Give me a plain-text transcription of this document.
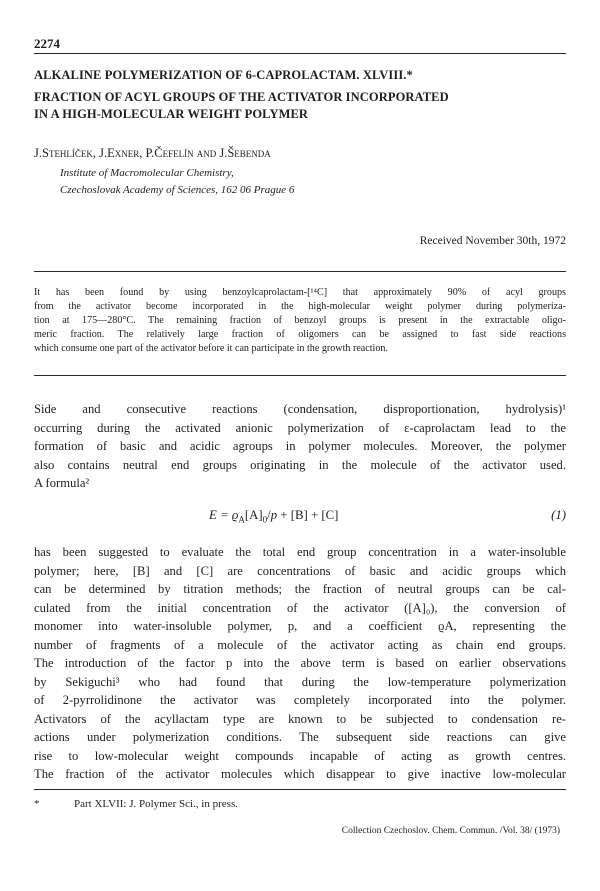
2274
ALKALINE POLYMERIZATION OF 6-CAPROLACTAM. XLVIII.*
FRACTION OF ACYL GROUPS OF THE ACTIVATOR INCORPORATED
IN A HIGH-MOLECULAR WEIGHT POLYMER
J.Stehlíček, J.Exner, P.Čefelín and J.Šebenda
Institute of Macromolecular Chemistry,
Czechoslovak Academy of Sciences, 162 06 Prague 6
Received November 30th, 1972
It has been found by using benzoylcaprolactam-[¹⁴C] that approximately 90% of acyl groups
from the activator become incorporated in the high-molecular weight polymer during polymeriza-
tion at 175—280°C. The remaining fraction of benzoyl groups is present in the extractable oligo-
meric fraction. The relatively large fraction of oligomers can be assigned to fast side reactions
which consume one part of the activator before it can participate in the growth reaction.
Side and consecutive reactions (condensation, disproportionation, hydrolysis)¹
occurring during the activated anionic polymerization of ε-caprolactam lead to the
formation of basic and acidic agroups in polymer molecules. Moreover, the polymer
also contains neutral end groups originating in the molecule of the activator used.
A formula²
$E = ϱ_A[A]_0/p + [B] + [C]$	(1)
has been suggested to evaluate the total end group concentration in a water-insoluble
polymer; here, [B] and [C] are concentrations of basic and acidic groups which
can be determined by titration methods; the fraction of neutral groups can be cal-
culated from the initial concentration of the activator ([A]₀), the conversion of
monomer into water-insoluble polymer, p, and a coefficient ϱA, representing the
number of fragments of a molecule of the activator acting as chain end groups.
The introduction of the factor p into the above term is based on earlier observations
by Sekiguchi³ who had found that during the low-temperature polymerization
of 2-pyrrolidinone the activator was completely incorporated into the polymer.
Activators of the acyllactam type are known to be subjected to condensation re-
actions under polymerization conditions. The subsequent side reactions can give
rise to low-molecular weight compounds incapable of acting as growth centres.
The fraction of the activator molecules which disappear to give inactive low-molecular
*	Part XLVII: J. Polymer Sci., in press.
Collection Czechoslov. Chem. Commun. /Vol. 38/ (1973)
